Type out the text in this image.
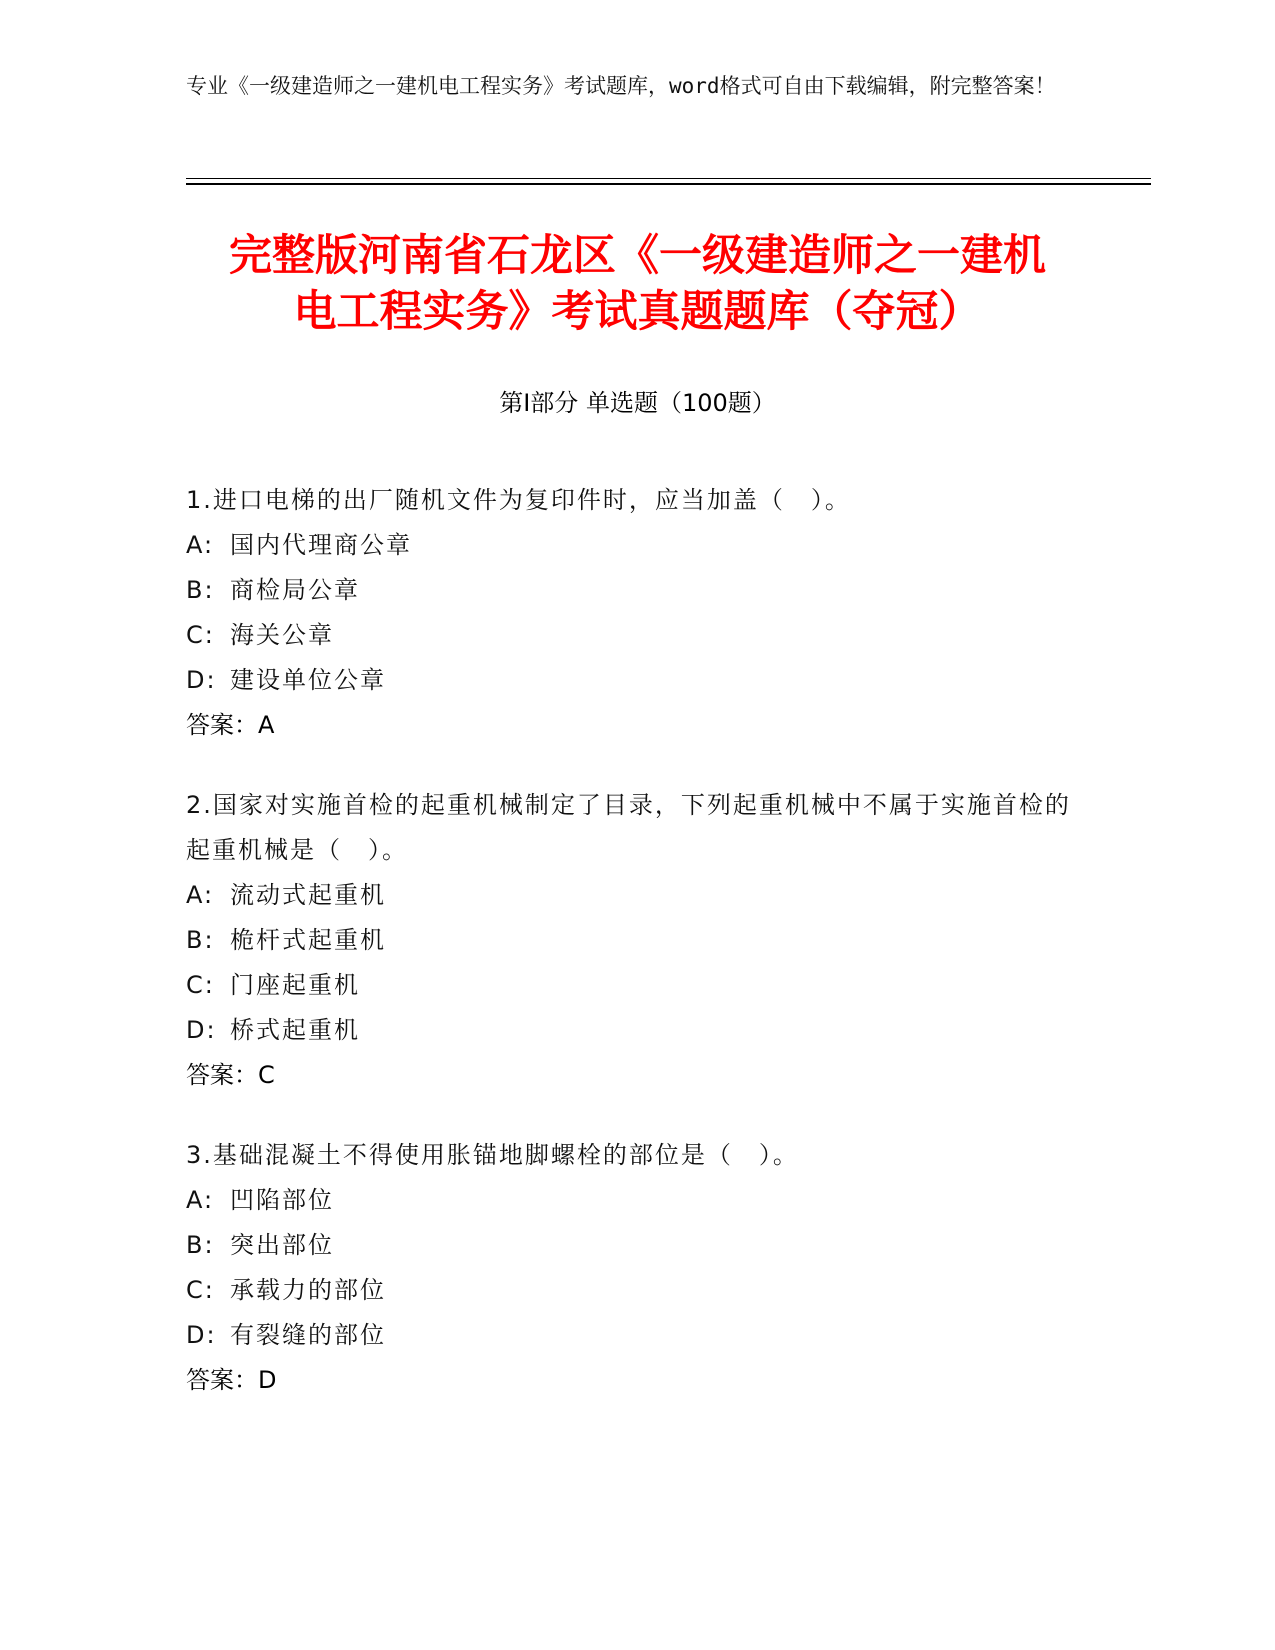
专业《一级建造师之一建机电工程实务》考试题库，word格式可自由下载编辑，附完整答案！
完整版河南省石龙区《一级建造师之一建机
电工程实务》考试真题题库（夺冠）
第Ⅰ部分 单选题（100题）
1.进口电梯的出厂随机文件为复印件时，应当加盖（　）。
A: 国内代理商公章
B: 商检局公章
C: 海关公章
D: 建设单位公章
答案：A
2.国家对实施首检的起重机械制定了目录，下列起重机械中不属于实施首检的起重机械是（　）。
A: 流动式起重机
B: 桅杆式起重机
C: 门座起重机
D: 桥式起重机
答案：C
3.基础混凝土不得使用胀锚地脚螺栓的部位是（　）。
A: 凹陷部位
B: 突出部位
C: 承载力的部位
D: 有裂缝的部位
答案：D
